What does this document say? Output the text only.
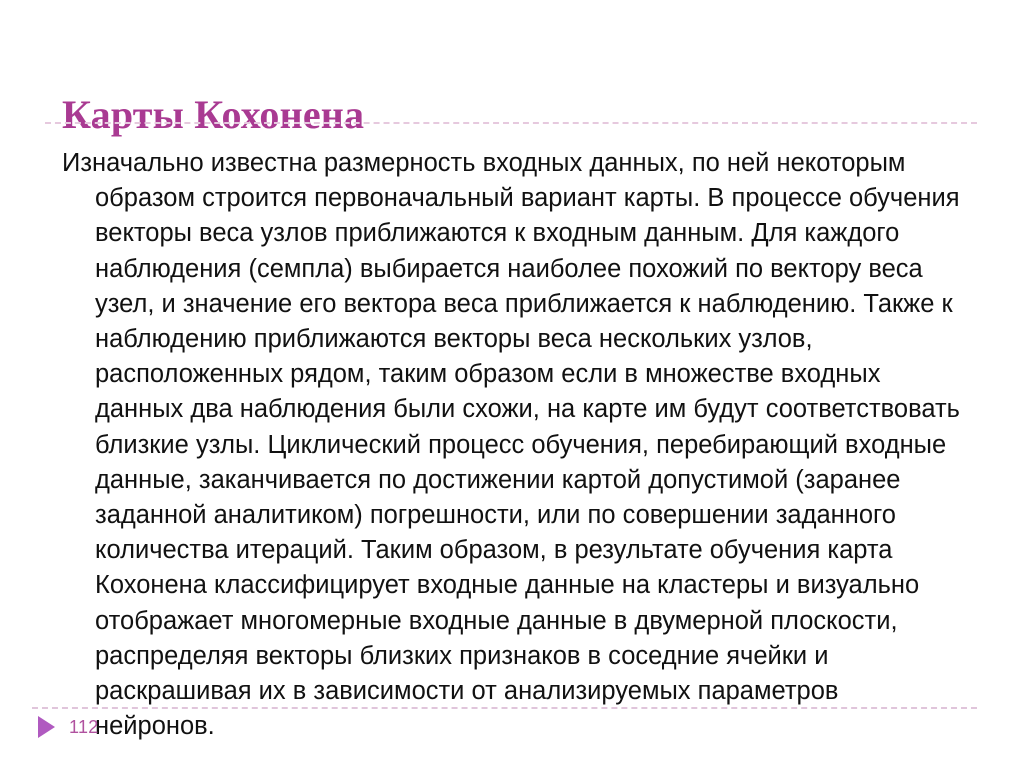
Карты Кохонена

Изначально известна размерность входных данных, по ней некоторым образом строится первоначальный вариант карты. В процессе обучения векторы веса узлов приближаются к входным данным. Для каждого наблюдения (семпла) выбирается наиболее похожий по вектору веса узел, и значение его вектора веса приближается к наблюдению. Также к наблюдению приближаются векторы веса нескольких узлов, расположенных рядом, таким образом если в множестве входных данных два наблюдения были схожи, на карте им будут соответствовать близкие узлы. Циклический процесс обучения, перебирающий входные данные, заканчивается по достижении картой допустимой (заранее заданной аналитиком) погрешности, или по совершении заданного количества итераций. Таким образом, в результате обучения карта Кохонена классифицирует входные данные на кластеры и визуально отображает многомерные входные данные в двумерной плоскости, распределяя векторы близких признаков в соседние ячейки и раскрашивая их в зависимости от анализируемых параметров нейронов.

112
